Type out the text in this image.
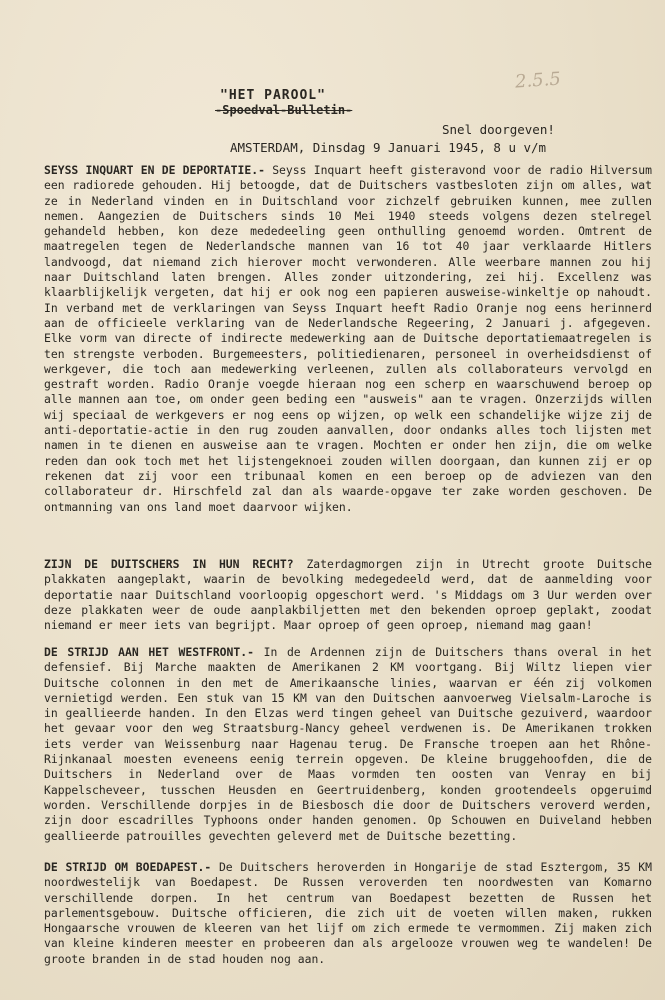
2.5.5
"HET PAROOL"
-Spoedval-Bulletin-
Snel doorgeven!
AMSTERDAM, Dinsdag 9 Januari 1945, 8 u v/m
SEYSS INQUART EN DE DEPORTATIE.- Seyss Inquart heeft gisteravond voor de radio Hilversum een radiorede gehouden. Hij betoogde, dat de Duitschers vastbesloten zijn om alles, wat ze in Nederland vinden en in Duitschland voor zichzelf gebruiken kunnen, mee zullen nemen. Aangezien de Duitschers sinds 10 Mei 1940 steeds volgens dezen stelregel gehandeld hebben, kon deze mededeeling geen onthulling genoemd worden. Omtrent de maatregelen tegen de Nederlandsche mannen van 16 tot 40 jaar verklaarde Hitlers landvoogd, dat niemand zich hierover mocht verwonderen. Alle weerbare mannen zou hij naar Duitschland laten brengen. Alles zonder uitzondering, zei hij. Excellenz was klaarblijkelijk vergeten, dat hij er ook nog een papieren ausweise-winkeltje op nahoudt. In verband met de verklaringen van Seyss Inquart heeft Radio Oranje nog eens herinnerd aan de officieele verklaring van de Nederlandsche Regeering, 2 Januari j. afgegeven. Elke vorm van directe of indirecte medewerking aan de Duitsche deportatiemaatregelen is ten strengste verboden. Burgemeesters, politiedienaren, personeel in overheidsdienst of werkgever, die toch aan medewerking verleenen, zullen als collaborateurs vervolgd en gestraft worden. Radio Oranje voegde hieraan nog een scherp en waarschuwend beroep op alle mannen aan toe, om onder geen beding een "ausweis" aan te vragen. Onzerzijds willen wij speciaal de werkgevers er nog eens op wijzen, op welk een schandelijke wijze zij de anti-deportatie-actie in den rug zouden aanvallen, door ondanks alles toch lijsten met namen in te dienen en ausweise aan te vragen. Mochten er onder hen zijn, die om welke reden dan ook toch met het lijstengeknoei zouden willen doorgaan, dan kunnen zij er op rekenen dat zij voor een tribunaal komen en een beroep op de adviezen van den collaborateur dr. Hirschfeld zal dan als waarde-opgave ter zake worden geschoven. De ontmanning van ons land moet daarvoor wijken.
ZIJN DE DUITSCHERS IN HUN RECHT? Zaterdagmorgen zijn in Utrecht groote Duitsche plakkaten aangeplakt, waarin de bevolking medegedeeld werd, dat de aanmelding voor deportatie naar Duitschland voorloopig opgeschort werd. 's Middags om 3 Uur werden over deze plakkaten weer de oude aanplakbiljetten met den bekenden oproep geplakt, zoodat niemand er meer iets van begrijpt. Maar oproep of geen oproep, niemand mag gaan!
DE STRIJD AAN HET WESTFRONT.- In de Ardennen zijn de Duitschers thans overal in het defensief. Bij Marche maakten de Amerikanen 2 KM voortgang. Bij Wiltz liepen vier Duitsche colonnen in den met de Amerikaansche linies, waarvan er één zij volkomen vernietigd werden. Een stuk van 15 KM van den Duitschen aanvoerweg Vielsalm-Laroche is in geallieerde handen. In den Elzas werd tingen geheel van Duitsche gezuiverd, waardoor het gevaar voor den weg Straatsburg-Nancy geheel verdwenen is. De Amerikanen trokken iets verder van Weissenburg naar Hagenau terug. De Fransche troepen aan het Rhône-Rijnkanaal moesten eveneens eenig terrein opgeven. De kleine bruggehoofden, die de Duitschers in Nederland over de Maas vormden ten oosten van Venray en bij Kappelscheveer, tusschen Heusden en Geertruidenberg, konden grootendeels opgeruimd worden. Verschillende dorpjes in de Biesbosch die door de Duitschers veroverd werden, zijn door escadrilles Typhoons onder handen genomen. Op Schouwen en Duiveland hebben geallieerde patrouilles gevechten geleverd met de Duitsche bezetting.
DE STRIJD OM BOEDAPEST.- De Duitschers heroverden in Hongarije de stad Esztergom, 35 KM noordwestelijk van Boedapest. De Russen veroverden ten noordwesten van Komarno verschillende dorpen. In het centrum van Boedapest bezetten de Russen het parlementsgebouw. Duitsche officieren, die zich uit de voeten willen maken, rukken Hongaarsche vrouwen de kleeren van het lijf om zich ermede te vermommen. Zij maken zich van kleine kinderen meester en probeeren dan als argelooze vrouwen weg te wandelen! De groote branden in de stad houden nog aan.
